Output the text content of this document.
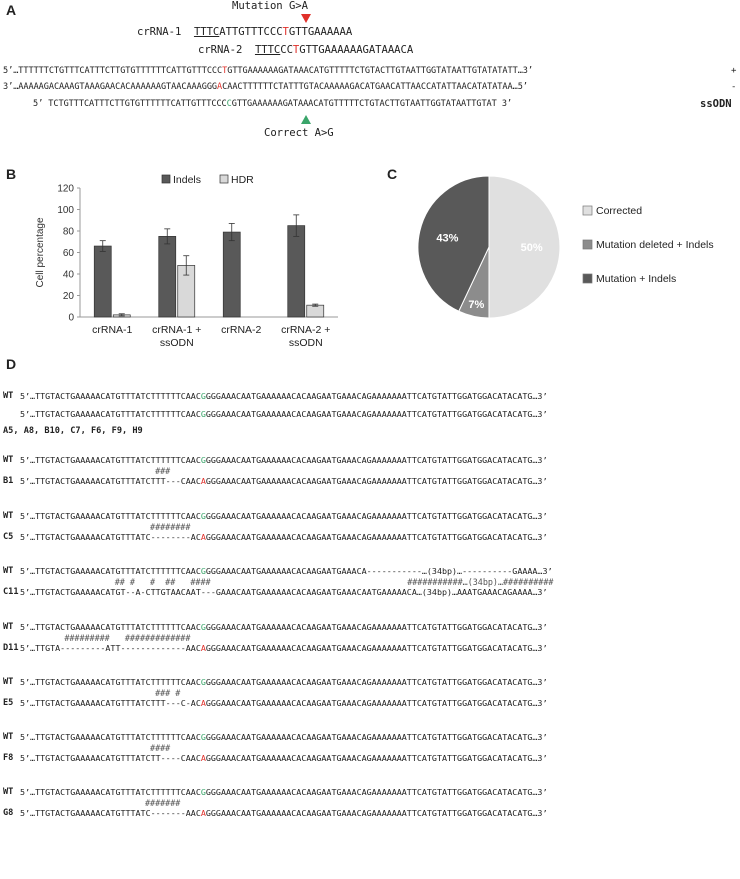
A	Mutation G>A
crRNA-1 TTTCATTGTTTCCCTGTTGAAAAAA
crRNA-2 TTTCCCTGTTGAAAAAAGATAAACA
5’…TTTTTTCTGTTTCATTTCTTGTGTTTTTTCATTGTTTCCCTGTTGAAAAAAGATAAACATGTTTTTCTGTACTTGTAATTGGTATAATTGTATATATT…3’	+
3’…AAAAAGACAAAGTAAAGAACACAAAAAAGTAACAAAGGGACAACTTTTTTCTATTTGTACAAAAAGACATGAACATTAACCATATTAACATATATAA…5’	-
5’ TCTGTTTCATTTCTTGTGTTTTTTCATTGTTTCCCCGTTGAAAAAAGATAAACATGTTTTTCTGTACTTGTAATTGGTATAATTGTAT 3’	ssODN
Correct A>G
B
0
20
40
60
80
100
120
Cell percentage
crRNA-1 crRNA-1 +
ssODN
crRNA-2 crRNA-2 +
ssODN
Indels	HDR	C
50%
7%
43%
Corrected
Mutation deleted + Indels
Mutation + Indels
D
WT 5’…TTGTACTGAAAAACATGTTTATCTTTTTTCAACGGGGAAACAATGAAAAAACACAAGAATGAAACAGAAAAAAATTCATGTATTGGATGGACATACATG…3’
5’…TTGTACTGAAAAACATGTTTATCTTTTTTCAACGGGGAAACAATGAAAAAACACAAGAATGAAACAGAAAAAAATTCATGTATTGGATGGACATACATG…3’
A5, A8, B10, C7, F6, F9, H9
WT 5’…TTGTACTGAAAAACATGTTTATCTTTTTTCAACGGGGAAACAATGAAAAAACACAAGAATGAAACAGAAAAAAATTCATGTATTGGATGGACATACATG…3’
###
B1 5’…TTGTACTGAAAAACATGTTTATCTTT---CAACAGGGAAACAATGAAAAAACACAAGAATGAAACAGAAAAAAATTCATGTATTGGATGGACATACATG…3’
WT 5’…TTGTACTGAAAAACATGTTTATCTTTTTTCAACGGGGAAACAATGAAAAAACACAAGAATGAAACAGAAAAAAATTCATGTATTGGATGGACATACATG…3’
########
C5 5’…TTGTACTGAAAAACATGTTTATC--------ACAGGGAAACAATGAAAAAACACAAGAATGAAACAGAAAAAAATTCATGTATTGGATGGACATACATG…3’
WT 5’…TTGTACTGAAAAACATGTTTATCTTTTTTCAACGGGGAAACAATGAAAAAACACAAGAATGAAACA-----------…(34bp)…----------GAAAA…3’
## #   #  ##   ####                                       ###########…(34bp)…##########
C11 5’…TTGTACTGAAAAACATGT--A-CTTGTAACAAT---GAAACAATGAAAAAACACAAGAATGAAACAATGAAAAACA…(34bp)…AAATGAAACAGAAAA…3’
WT 5’…TTGTACTGAAAAACATGTTTATCTTTTTTCAACGGGGAAACAATGAAAAAACACAAGAATGAAACAGAAAAAAATTCATGTATTGGATGGACATACATG…3’
#########   #############
D11 5’…TTGTA---------ATT-------------AACAGGGAAACAATGAAAAAACACAAGAATGAAACAGAAAAAAATTCATGTATTGGATGGACATACATG…3’
WT 5’…TTGTACTGAAAAACATGTTTATCTTTTTTCAACGGGGAAACAATGAAAAAACACAAGAATGAAACAGAAAAAAATTCATGTATTGGATGGACATACATG…3’
### #
E5 5’…TTGTACTGAAAAACATGTTTATCTTT---C-ACAGGGAAACAATGAAAAAACACAAGAATGAAACAGAAAAAAATTCATGTATTGGATGGACATACATG…3’
WT 5’…TTGTACTGAAAAACATGTTTATCTTTTTTCAACGGGGAAACAATGAAAAAACACAAGAATGAAACAGAAAAAAATTCATGTATTGGATGGACATACATG…3’
####
F8 5’…TTGTACTGAAAAACATGTTTATCTT----CAACAGGGAAACAATGAAAAAACACAAGAATGAAACAGAAAAAAATTCATGTATTGGATGGACATACATG…3’
WT 5’…TTGTACTGAAAAACATGTTTATCTTTTTTCAACGGGGAAACAATGAAAAAACACAAGAATGAAACAGAAAAAAATTCATGTATTGGATGGACATACATG…3’
#######
G8 5’…TTGTACTGAAAAACATGTTTATC-------AACAGGGAAACAATGAAAAAACACAAGAATGAAACAGAAAAAAATTCATGTATTGGATGGACATACATG…3’
